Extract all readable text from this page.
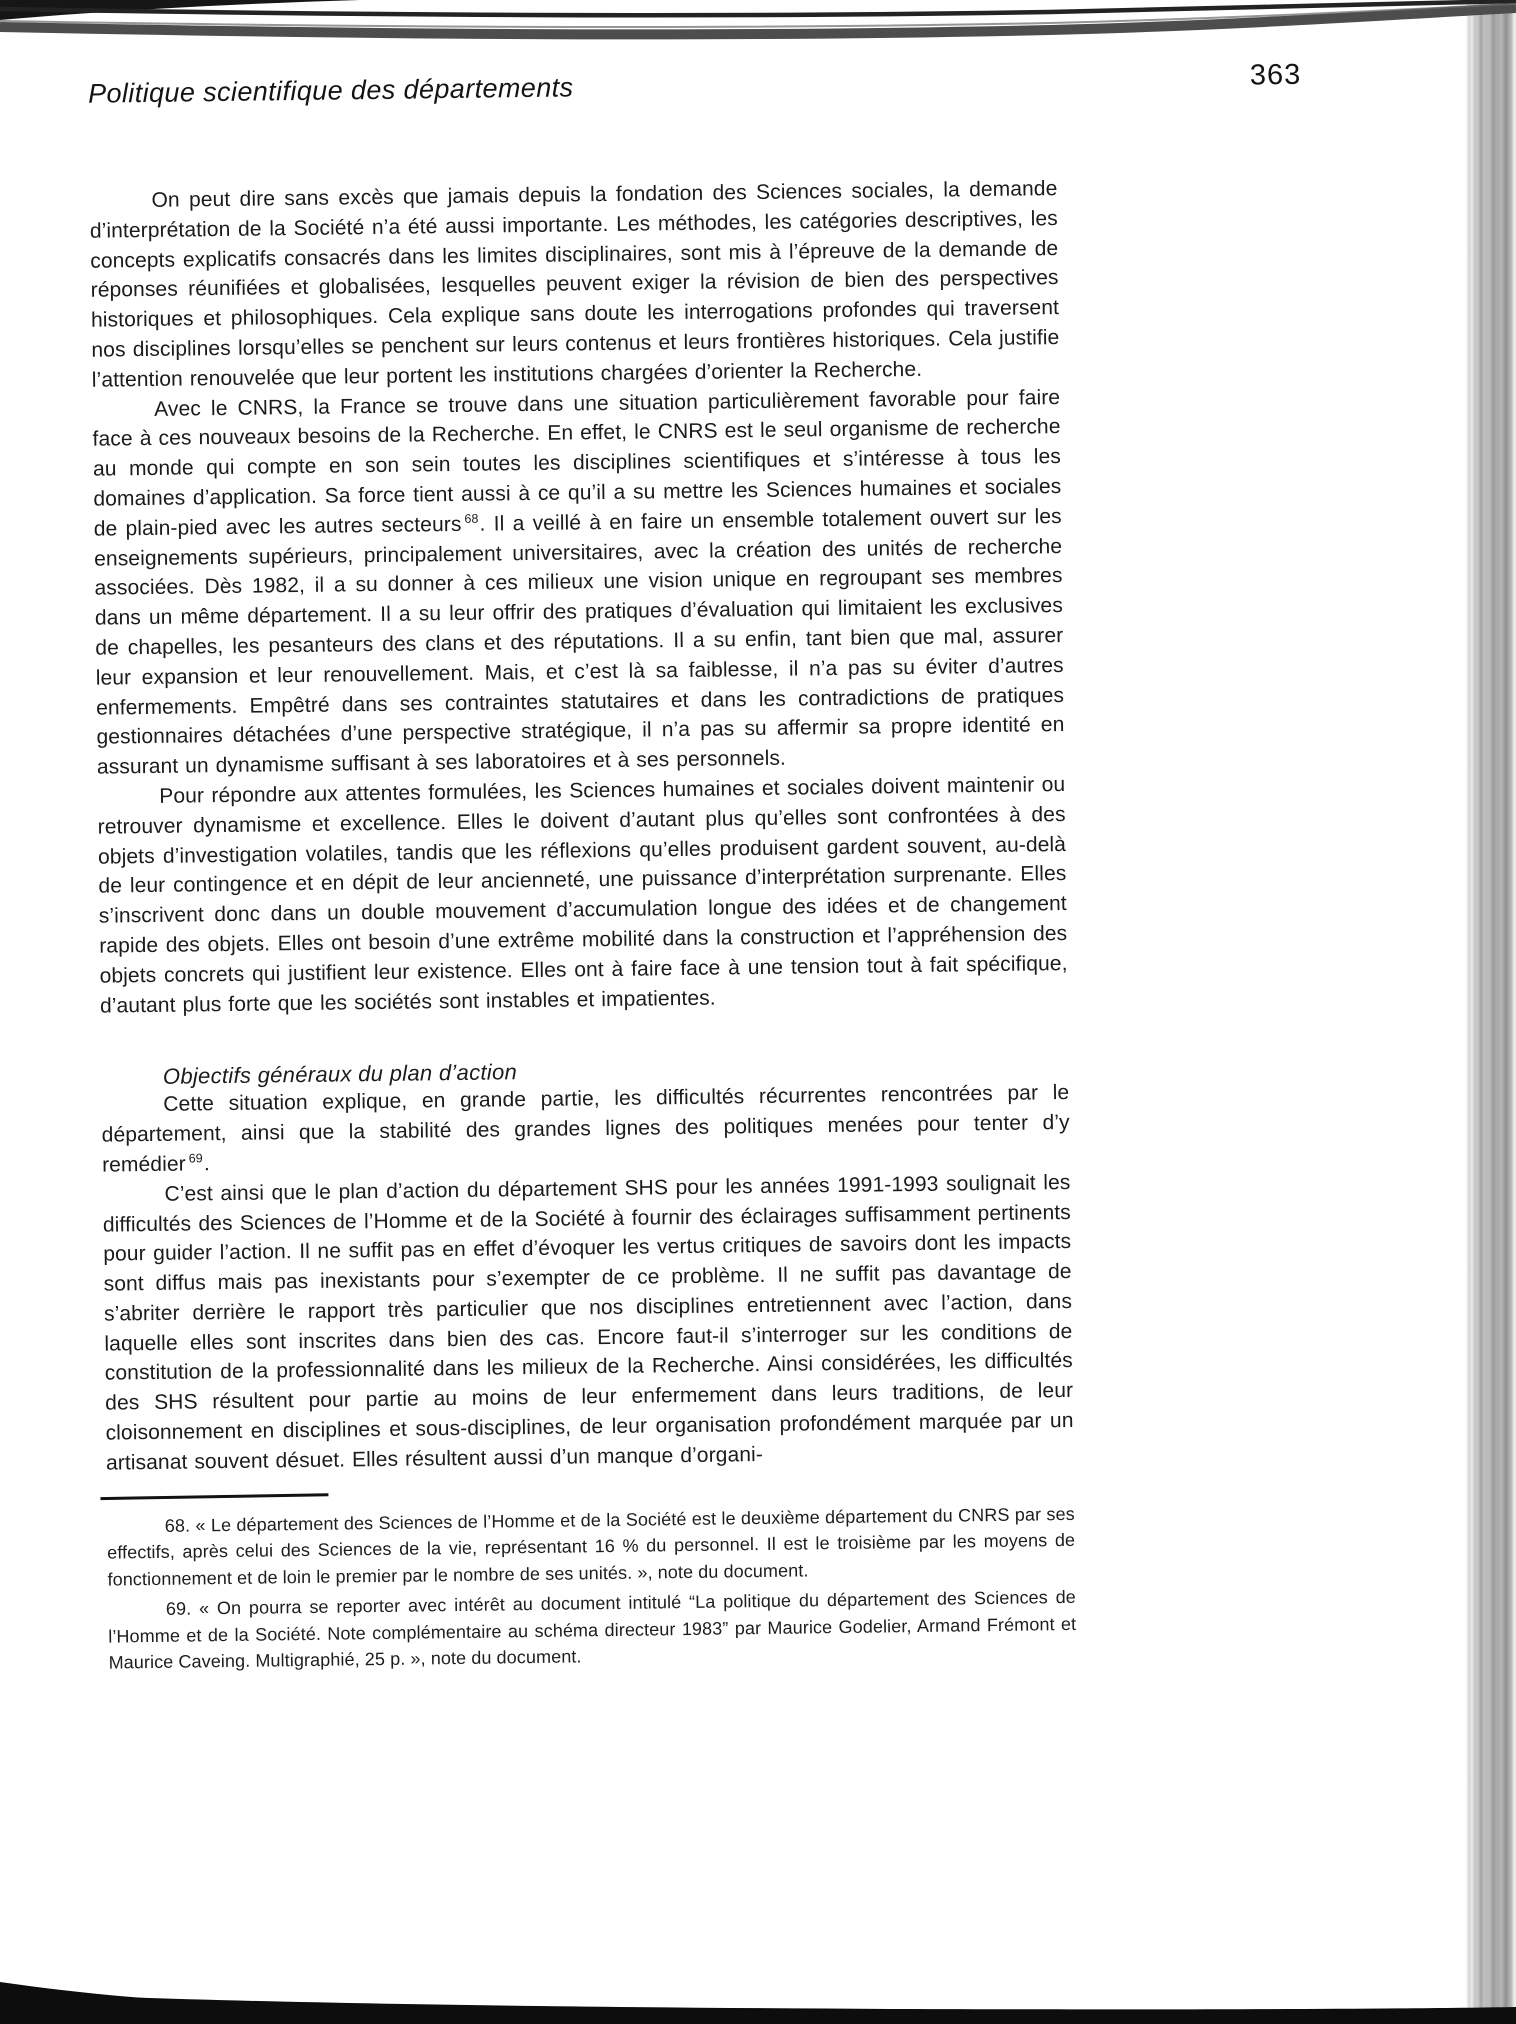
Politique scientifique des départements	363

On peut dire sans excès que jamais depuis la fondation des Sciences sociales, la demande d’interprétation de la Société n’a été aussi importante. Les méthodes, les catégories descriptives, les concepts explicatifs consacrés dans les limites disciplinaires, sont mis à l’épreuve de la demande de réponses réunifiées et globalisées, lesquelles peuvent exiger la révision de bien des perspectives historiques et philosophiques. Cela explique sans doute les interrogations profondes qui traversent nos disciplines lorsqu’elles se penchent sur leurs contenus et leurs frontières historiques. Cela justifie l’attention renouvelée que leur portent les institutions chargées d’orienter la Recherche.

Avec le CNRS, la France se trouve dans une situation particulièrement favorable pour faire face à ces nouveaux besoins de la Recherche. En effet, le CNRS est le seul organisme de recherche au monde qui compte en son sein toutes les disciplines scientifiques et s’intéresse à tous les domaines d’application. Sa force tient aussi à ce qu’il a su mettre les Sciences humaines et sociales de plain-pied avec les autres secteurs $^{68}$. Il a veillé à en faire un ensemble totalement ouvert sur les enseignements supérieurs, principalement universitaires, avec la création des unités de recherche associées. Dès 1982, il a su donner à ces milieux une vision unique en regroupant ses membres dans un même département. Il a su leur offrir des pratiques d’évaluation qui limitaient les exclusives de chapelles, les pesanteurs des clans et des réputations. Il a su enfin, tant bien que mal, assurer leur expansion et leur renouvellement. Mais, et c’est là sa faiblesse, il n’a pas su éviter d’autres enfermements. Empêtré dans ses contraintes statutaires et dans les contradictions de pratiques gestionnaires détachées d’une perspective stratégique, il n’a pas su affermir sa propre identité en assurant un dynamisme suffisant à ses laboratoires et à ses personnels.

Pour répondre aux attentes formulées, les Sciences humaines et sociales doivent maintenir ou retrouver dynamisme et excellence. Elles le doivent d’autant plus qu’elles sont confrontées à des objets d’investigation volatiles, tandis que les réflexions qu’elles produisent gardent souvent, au-delà de leur contingence et en dépit de leur ancienneté, une puissance d’interprétation surprenante. Elles s’inscrivent donc dans un double mouvement d’accumulation longue des idées et de changement rapide des objets. Elles ont besoin d’une extrême mobilité dans la construction et l’appréhension des objets concrets qui justifient leur existence. Elles ont à faire face à une tension tout à fait spécifique, d’autant plus forte que les sociétés sont instables et impatientes.

Objectifs généraux du plan d’action

Cette situation explique, en grande partie, les difficultés récurrentes rencontrées par le département, ainsi que la stabilité des grandes lignes des politiques menées pour tenter d’y remédier $^{69}$.

C’est ainsi que le plan d’action du département SHS pour les années 1991-1993 soulignait les difficultés des Sciences de l’Homme et de la Société à fournir des éclairages suffisamment pertinents pour guider l’action. Il ne suffit pas en effet d’évoquer les vertus critiques de savoirs dont les impacts sont diffus mais pas inexistants pour s’exempter de ce problème. Il ne suffit pas davantage de s’abriter derrière le rapport très particulier que nos disciplines entretiennent avec l’action, dans laquelle elles sont inscrites dans bien des cas. Encore faut-il s’interroger sur les conditions de constitution de la professionnalité dans les milieux de la Recherche. Ainsi considérées, les difficultés des SHS résultent pour partie au moins de leur enfermement dans leurs traditions, de leur cloisonnement en disciplines et sous-disciplines, de leur organisation profondément marquée par un artisanat souvent désuet. Elles résultent aussi d’un manque d’organi-

68. « Le département des Sciences de l’Homme et de la Société est le deuxième département du CNRS par ses effectifs, après celui des Sciences de la vie, représentant 16 % du personnel. Il est le troisième par les moyens de fonctionnement et de loin le premier par le nombre de ses unités. », note du document.

69. « On pourra se reporter avec intérêt au document intitulé “La politique du département des Sciences de l’Homme et de la Société. Note complémentaire au schéma directeur 1983” par Maurice Godelier, Armand Frémont et Maurice Caveing. Multigraphié, 25 p. », note du document.
